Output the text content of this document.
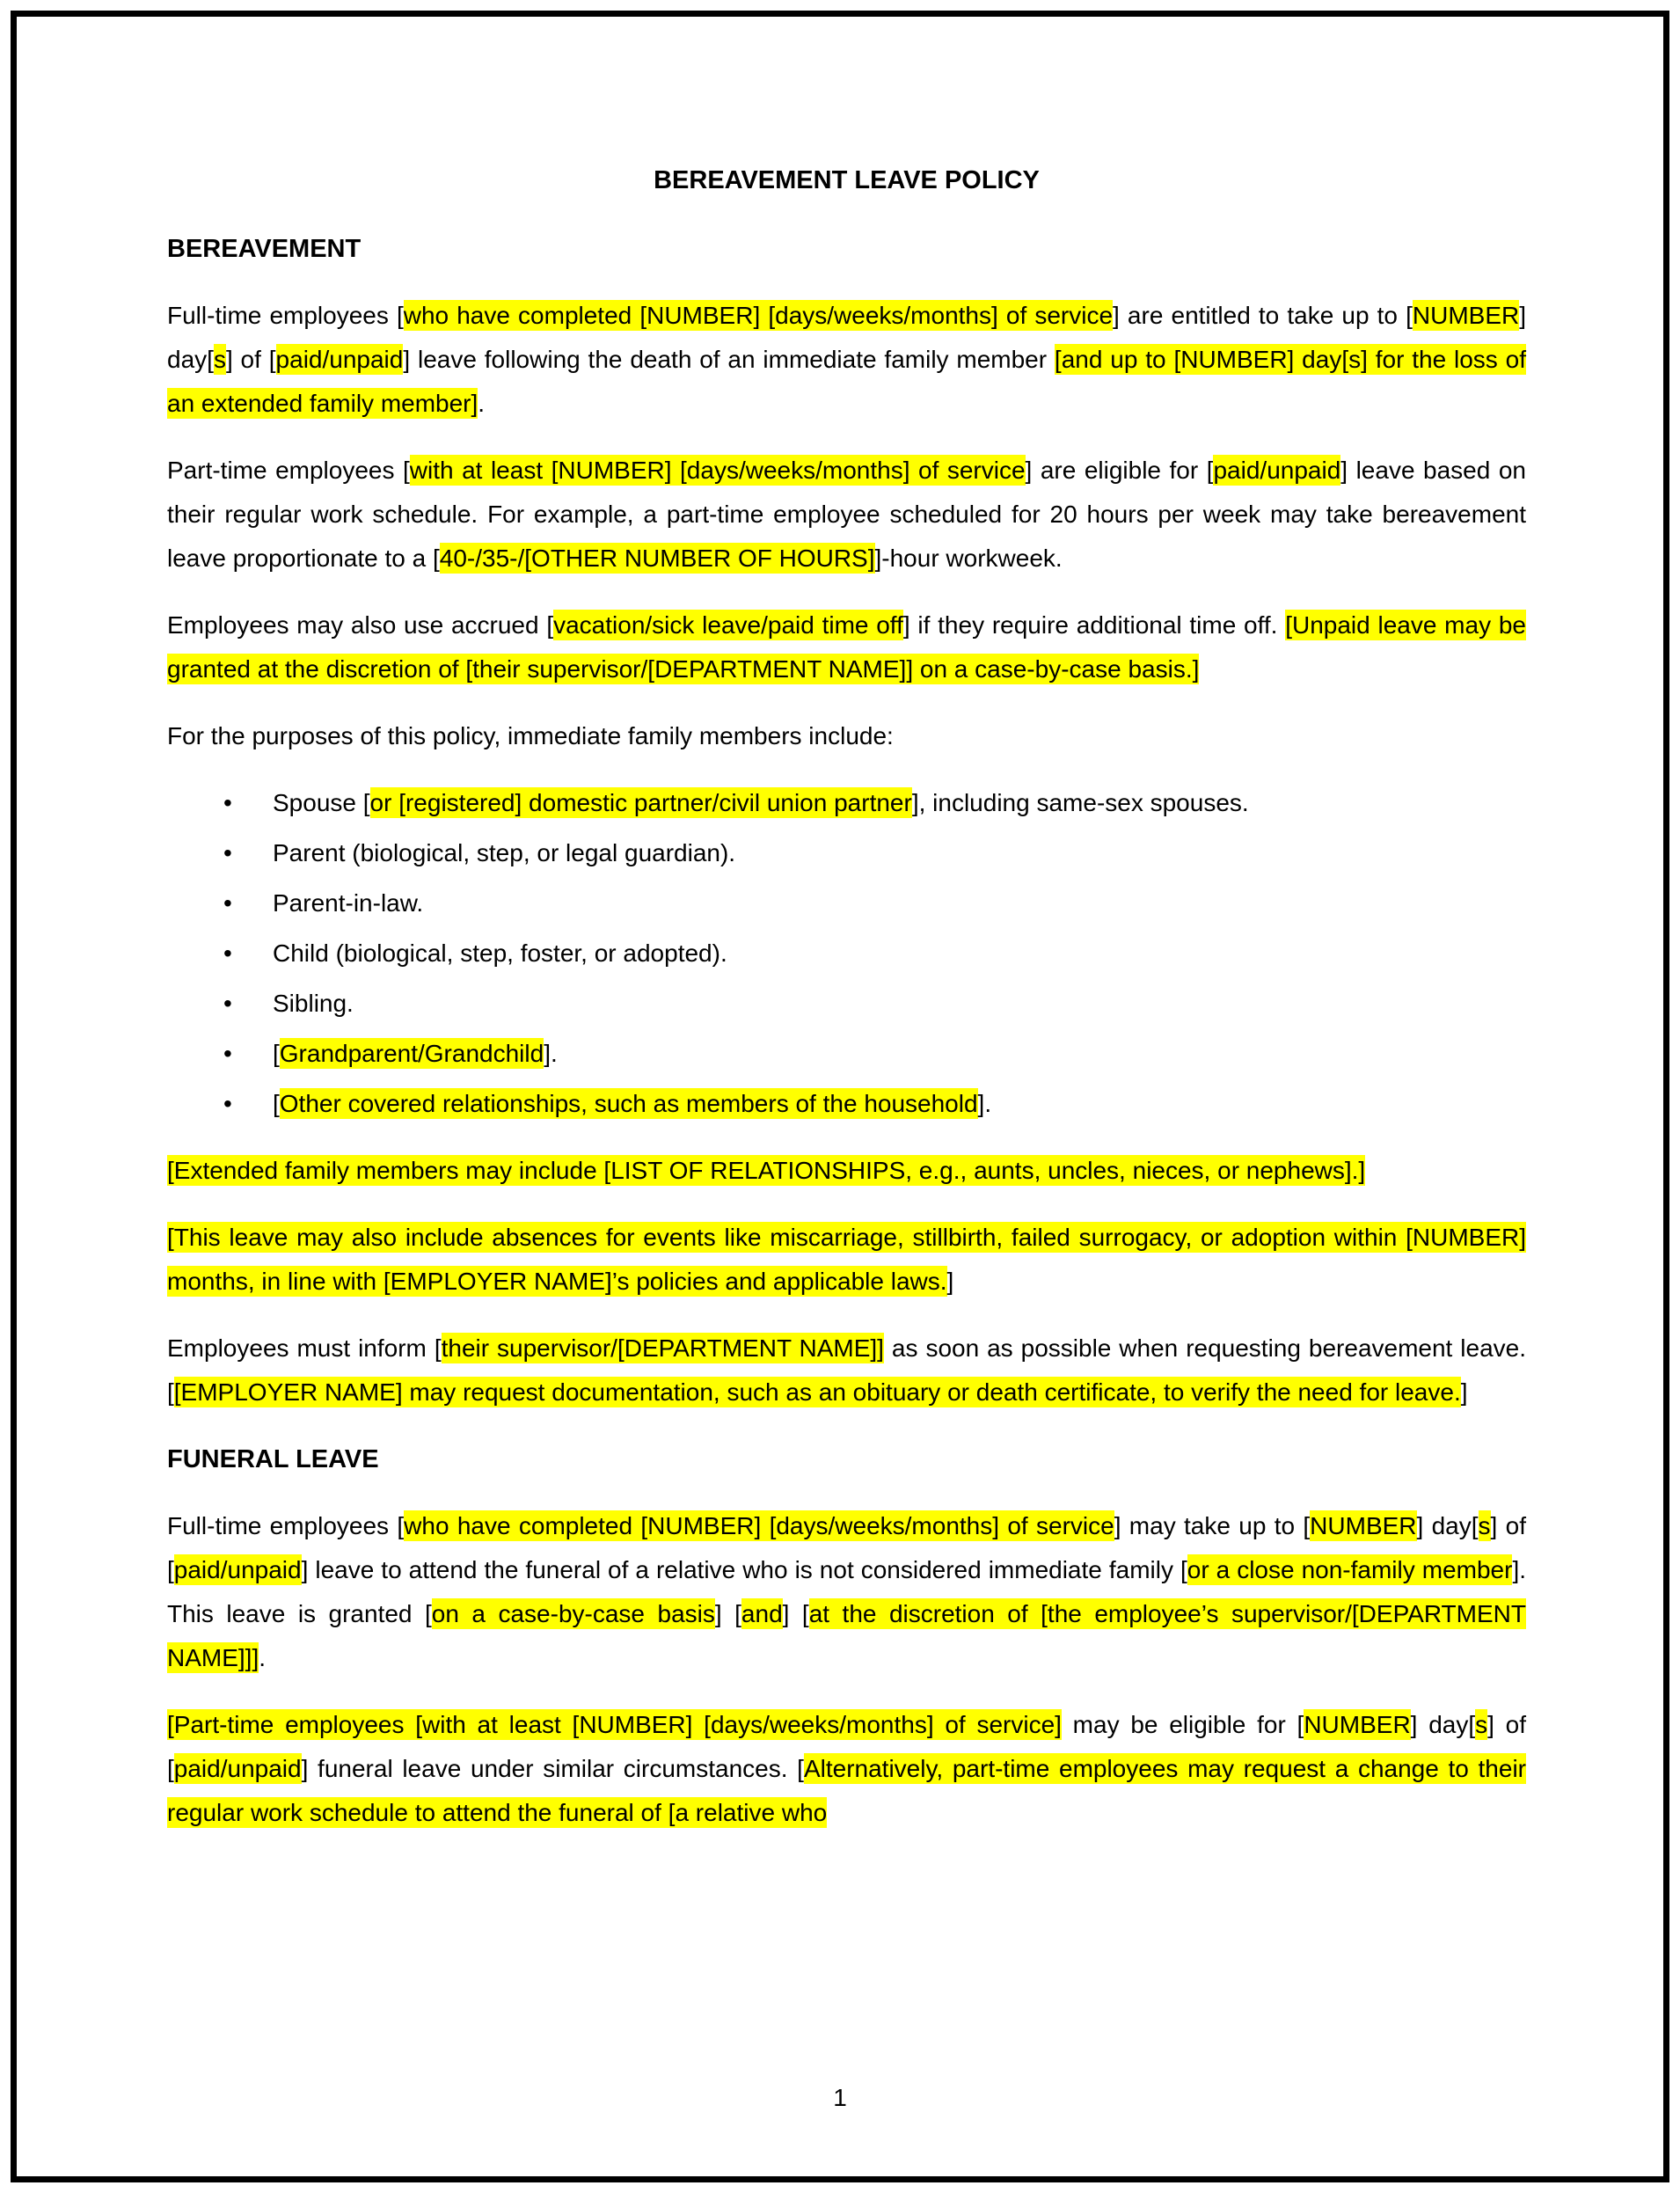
BEREAVEMENT LEAVE POLICY
BEREAVEMENT

Full-time employees [who have completed [NUMBER] [days/weeks/months] of service] are entitled to take up to [NUMBER] day[s] of [paid/unpaid] leave following the death of an immediate family member [and up to [NUMBER] day[s] for the loss of an extended family member].

Part-time employees [with at least [NUMBER] [days/weeks/months] of service] are eligible for [paid/unpaid] leave based on their regular work schedule. For example, a part-time employee scheduled for 20 hours per week may take bereavement leave proportionate to a [40-/35-/[OTHER NUMBER OF HOURS]]-hour workweek.

Employees may also use accrued [vacation/sick leave/paid time off] if they require additional time off. [Unpaid leave may be granted at the discretion of [their supervisor/[DEPARTMENT NAME]] on a case-by-case basis.]

For the purposes of this policy, immediate family members include:

• Spouse [or [registered] domestic partner/civil union partner], including same-sex spouses.
• Parent (biological, step, or legal guardian).
• Parent-in-law.
• Child (biological, step, foster, or adopted).
• Sibling.
• [Grandparent/Grandchild].
• [Other covered relationships, such as members of the household].

[Extended family members may include [LIST OF RELATIONSHIPS, e.g., aunts, uncles, nieces, or nephews].]

[This leave may also include absences for events like miscarriage, stillbirth, failed surrogacy, or adoption within [NUMBER] months, in line with [EMPLOYER NAME]’s policies and applicable laws.]

Employees must inform [their supervisor/[DEPARTMENT NAME]] as soon as possible when requesting bereavement leave. [[EMPLOYER NAME] may request documentation, such as an obituary or death certificate, to verify the need for leave.]

FUNERAL LEAVE

Full-time employees [who have completed [NUMBER] [days/weeks/months] of service] may take up to [NUMBER] day[s] of [paid/unpaid] leave to attend the funeral of a relative who is not considered immediate family [or a close non-family member]. This leave is granted [on a case-by-case basis] [and] [at the discretion of [the employee’s supervisor/[DEPARTMENT NAME]]].

[Part-time employees [with at least [NUMBER] [days/weeks/months] of service] may be eligible for [NUMBER] day[s] of [paid/unpaid] funeral leave under similar circumstances. [Alternatively, part-time employees may request a change to their regular work schedule to attend the funeral of [a relative who

1
